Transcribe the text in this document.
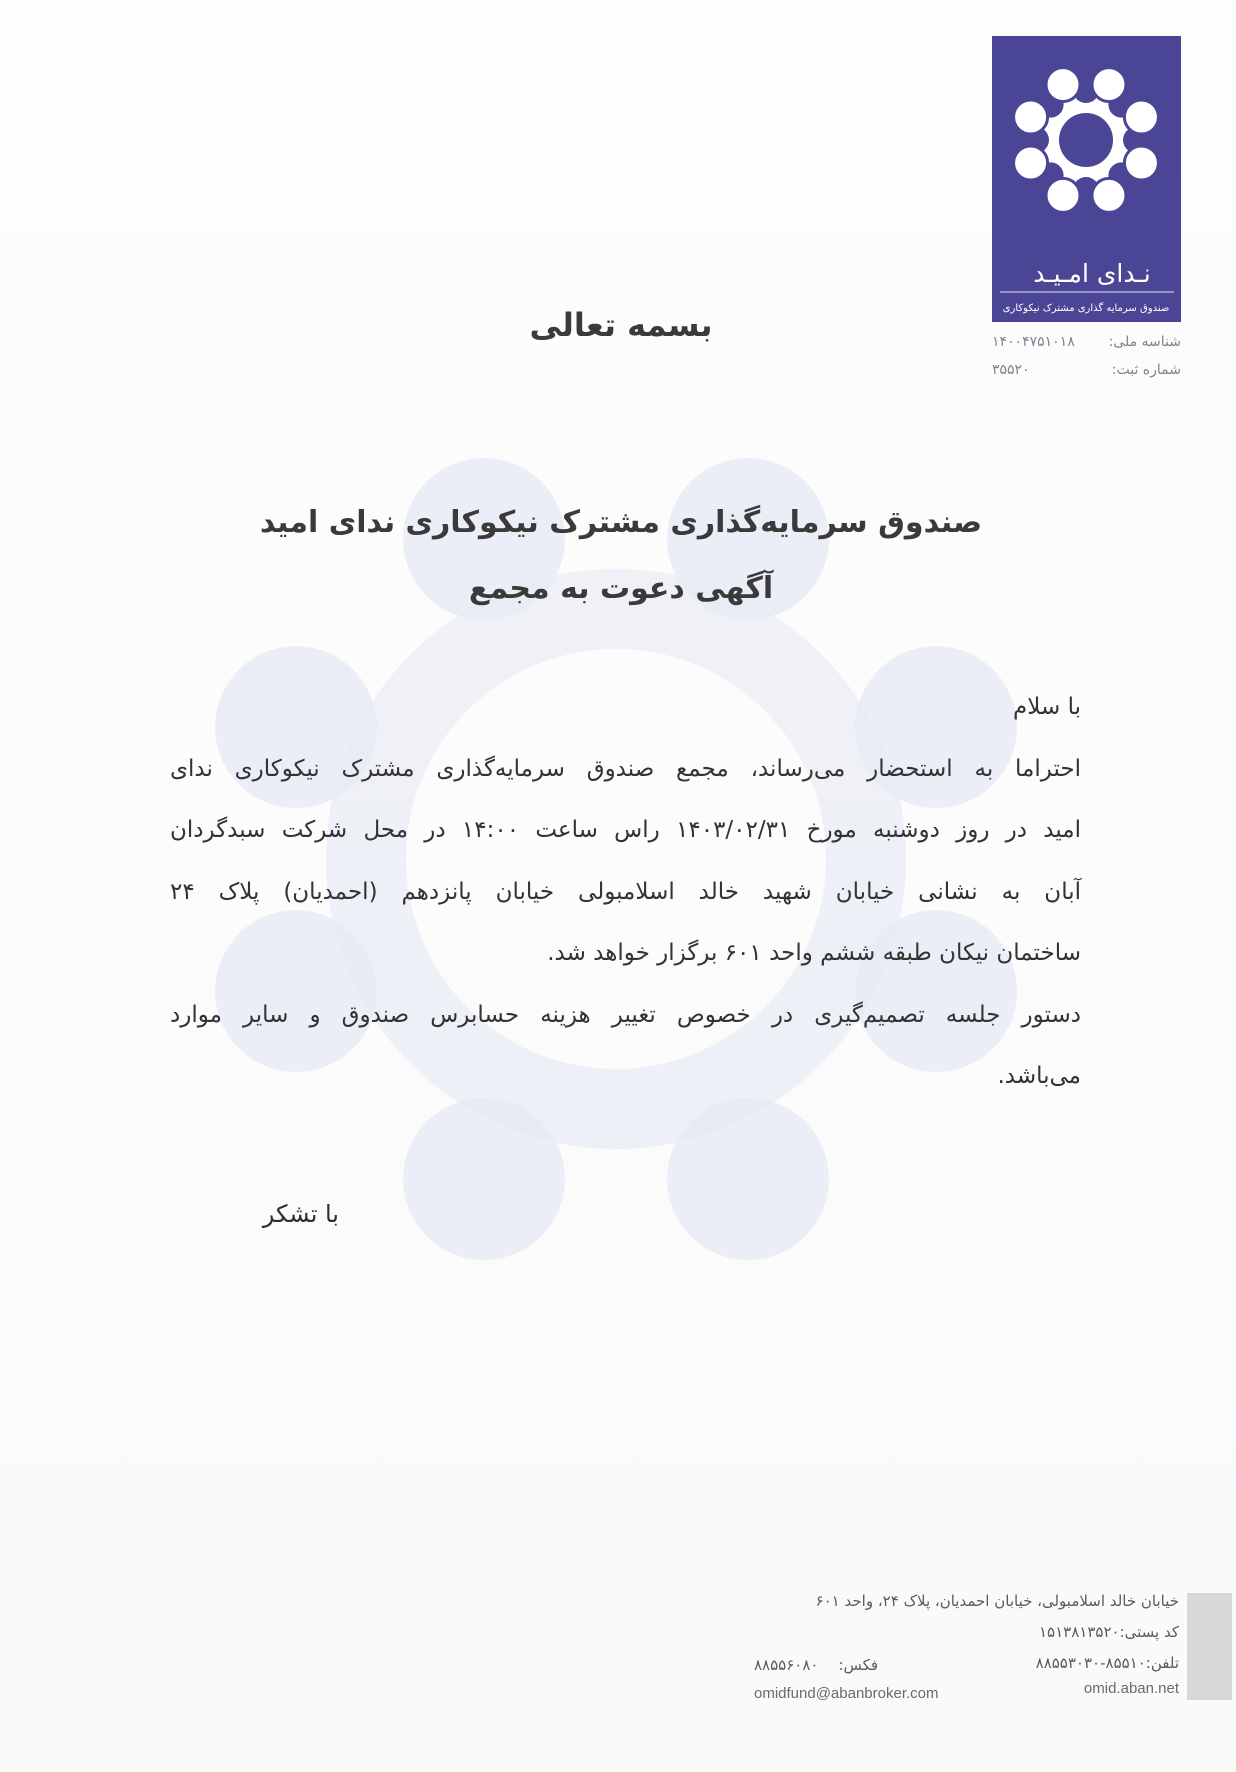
نـدای امـیـد
صندوق سرمایه گذاری مشترک نیکوکاری
شناسه ملی:
۱۴۰۰۴۷۵۱۰۱۸
شماره ثبت:
۳۵۵۲۰
بسمه تعالی
صندوق سرمایه‌گذاری مشترک نیکوکاری ندای امید
آگهی دعوت به مجمع
با سلام
احتراما به استحضار می‌رساند، مجمع صندوق سرمایه‌گذاری مشترک نیکوکاری ندای
امید در روز دوشنبه مورخ ۱۴۰۳/۰۲/۳۱ راس ساعت ۱۴:۰۰ در محل شرکت سبدگردان
آبان به نشانی خیابان شهید خالد اسلامبولی خیابان پانزدهم (احمدیان) پلاک ۲۴
ساختمان نیکان طبقه ششم واحد ۶۰۱ برگزار خواهد شد.
دستور جلسه تصمیم‌گیری در خصوص تغییر هزینه حسابرس صندوق و سایر موارد
می‌باشد.
با تشکر
خیابان خالد اسلامبولی، خیابان احمدیان، پلاک ۲۴، واحد ۶۰۱
کد پستی:۱۵۱۳۸۱۳۵۲۰
تلفن:۸۸۵۵۳۰۳۰-۸۵۵۱۰
فکس:
۸۸۵۵۶۰۸۰
omid.aban.net
omidfund@abanbroker.com
